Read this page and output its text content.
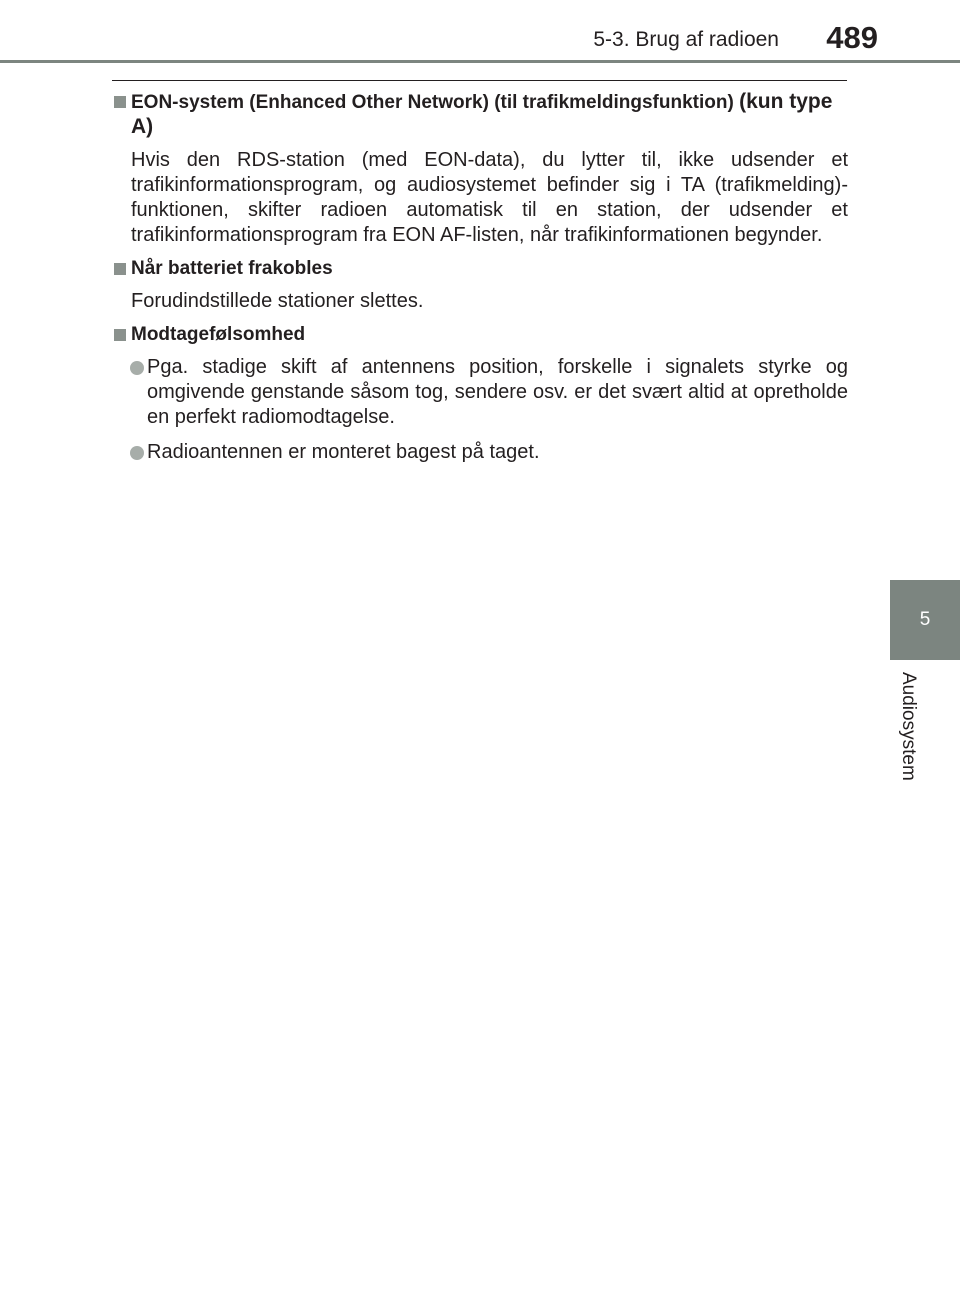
5-3. Brug af radioen	489
5
Audiosystem
EON-system (Enhanced Other Network) (til trafikmeldingsfunktion) (kun type A)
Hvis den RDS-station (med EON-data), du lytter til, ikke udsender et trafikinformationsprogram, og audiosystemet befinder sig i TA (trafikmelding)-funktionen, skifter radioen automatisk til en station, der udsender et trafikinformationsprogram fra EON AF-listen, når trafikinformationen begynder.
Når batteriet frakobles
Forudindstillede stationer slettes.
Modtagefølsomhed
Pga. stadige skift af antennens position, forskelle i signalets styrke og omgivende genstande såsom tog, sendere osv. er det svært altid at opretholde en perfekt radiomodtagelse.
Radioantennen er monteret bagest på taget.
